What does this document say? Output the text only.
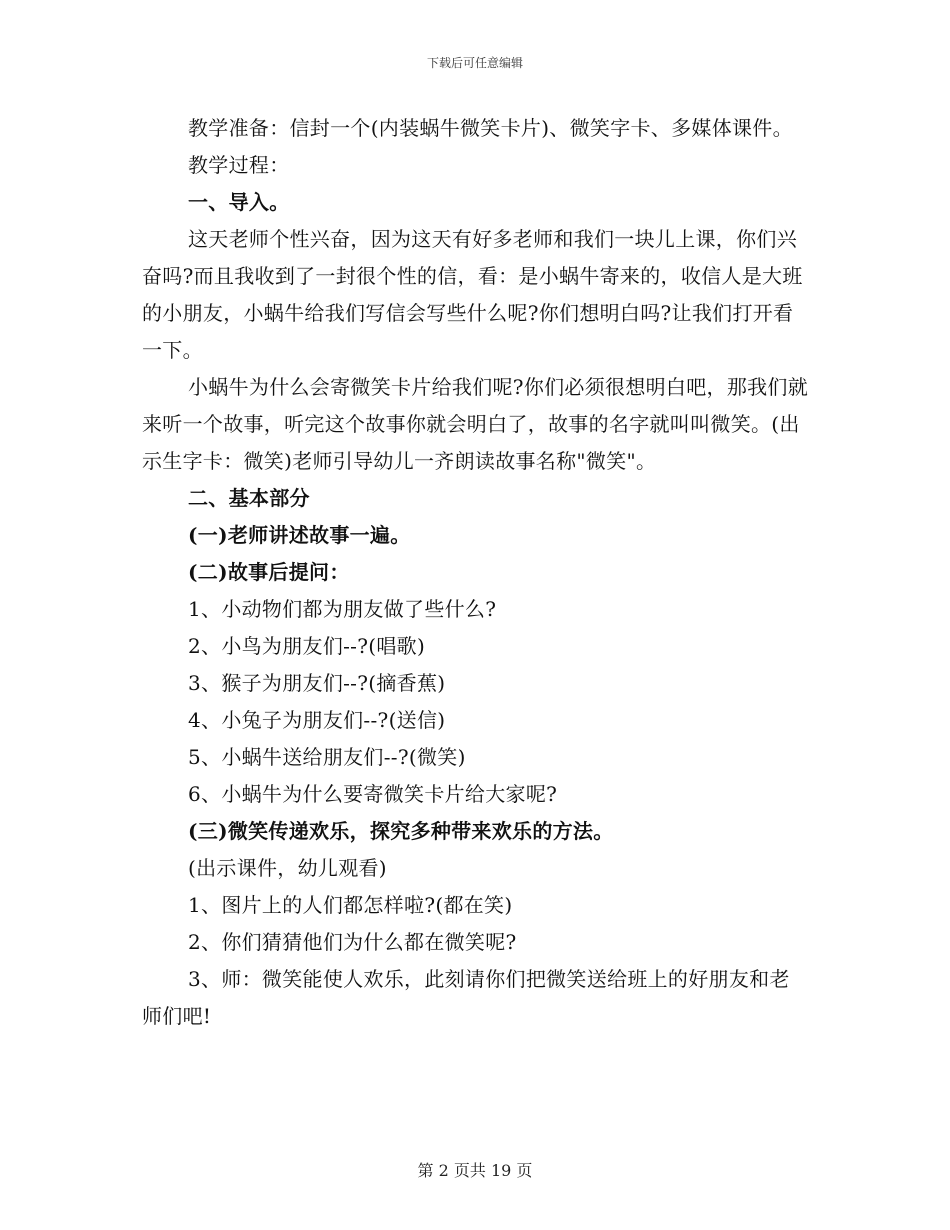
下载后可任意编辑

教学准备：信封一个(内装蜗牛微笑卡片)、微笑字卡、多媒体课件。

教学过程：

一、导入。

这天老师个性兴奋，因为这天有好多老师和我们一块儿上课，你们兴奋吗?而且我收到了一封很个性的信，看：是小蜗牛寄来的，收信人是大班的小朋友，小蜗牛给我们写信会写些什么呢?你们想明白吗?让我们打开看一下。

小蜗牛为什么会寄微笑卡片给我们呢?你们必须很想明白吧，那我们就来听一个故事，听完这个故事你就会明白了，故事的名字就叫叫微笑。(出示生字卡：微笑)老师引导幼儿一齐朗读故事名称"微笑"。

二、基本部分

(一)老师讲述故事一遍。

(二)故事后提问：

1、小动物们都为朋友做了些什么?

2、小鸟为朋友们--?(唱歌)

3、猴子为朋友们--?(摘香蕉)

4、小兔子为朋友们--?(送信)

5、小蜗牛送给朋友们--?(微笑)

6、小蜗牛为什么要寄微笑卡片给大家呢?

(三)微笑传递欢乐，探究多种带来欢乐的方法。

(出示课件，幼儿观看)

1、图片上的人们都怎样啦?(都在笑)

2、你们猜猜他们为什么都在微笑呢?

3、师：微笑能使人欢乐，此刻请你们把微笑送给班上的好朋友和老师们吧!

第 2 页共 19 页
